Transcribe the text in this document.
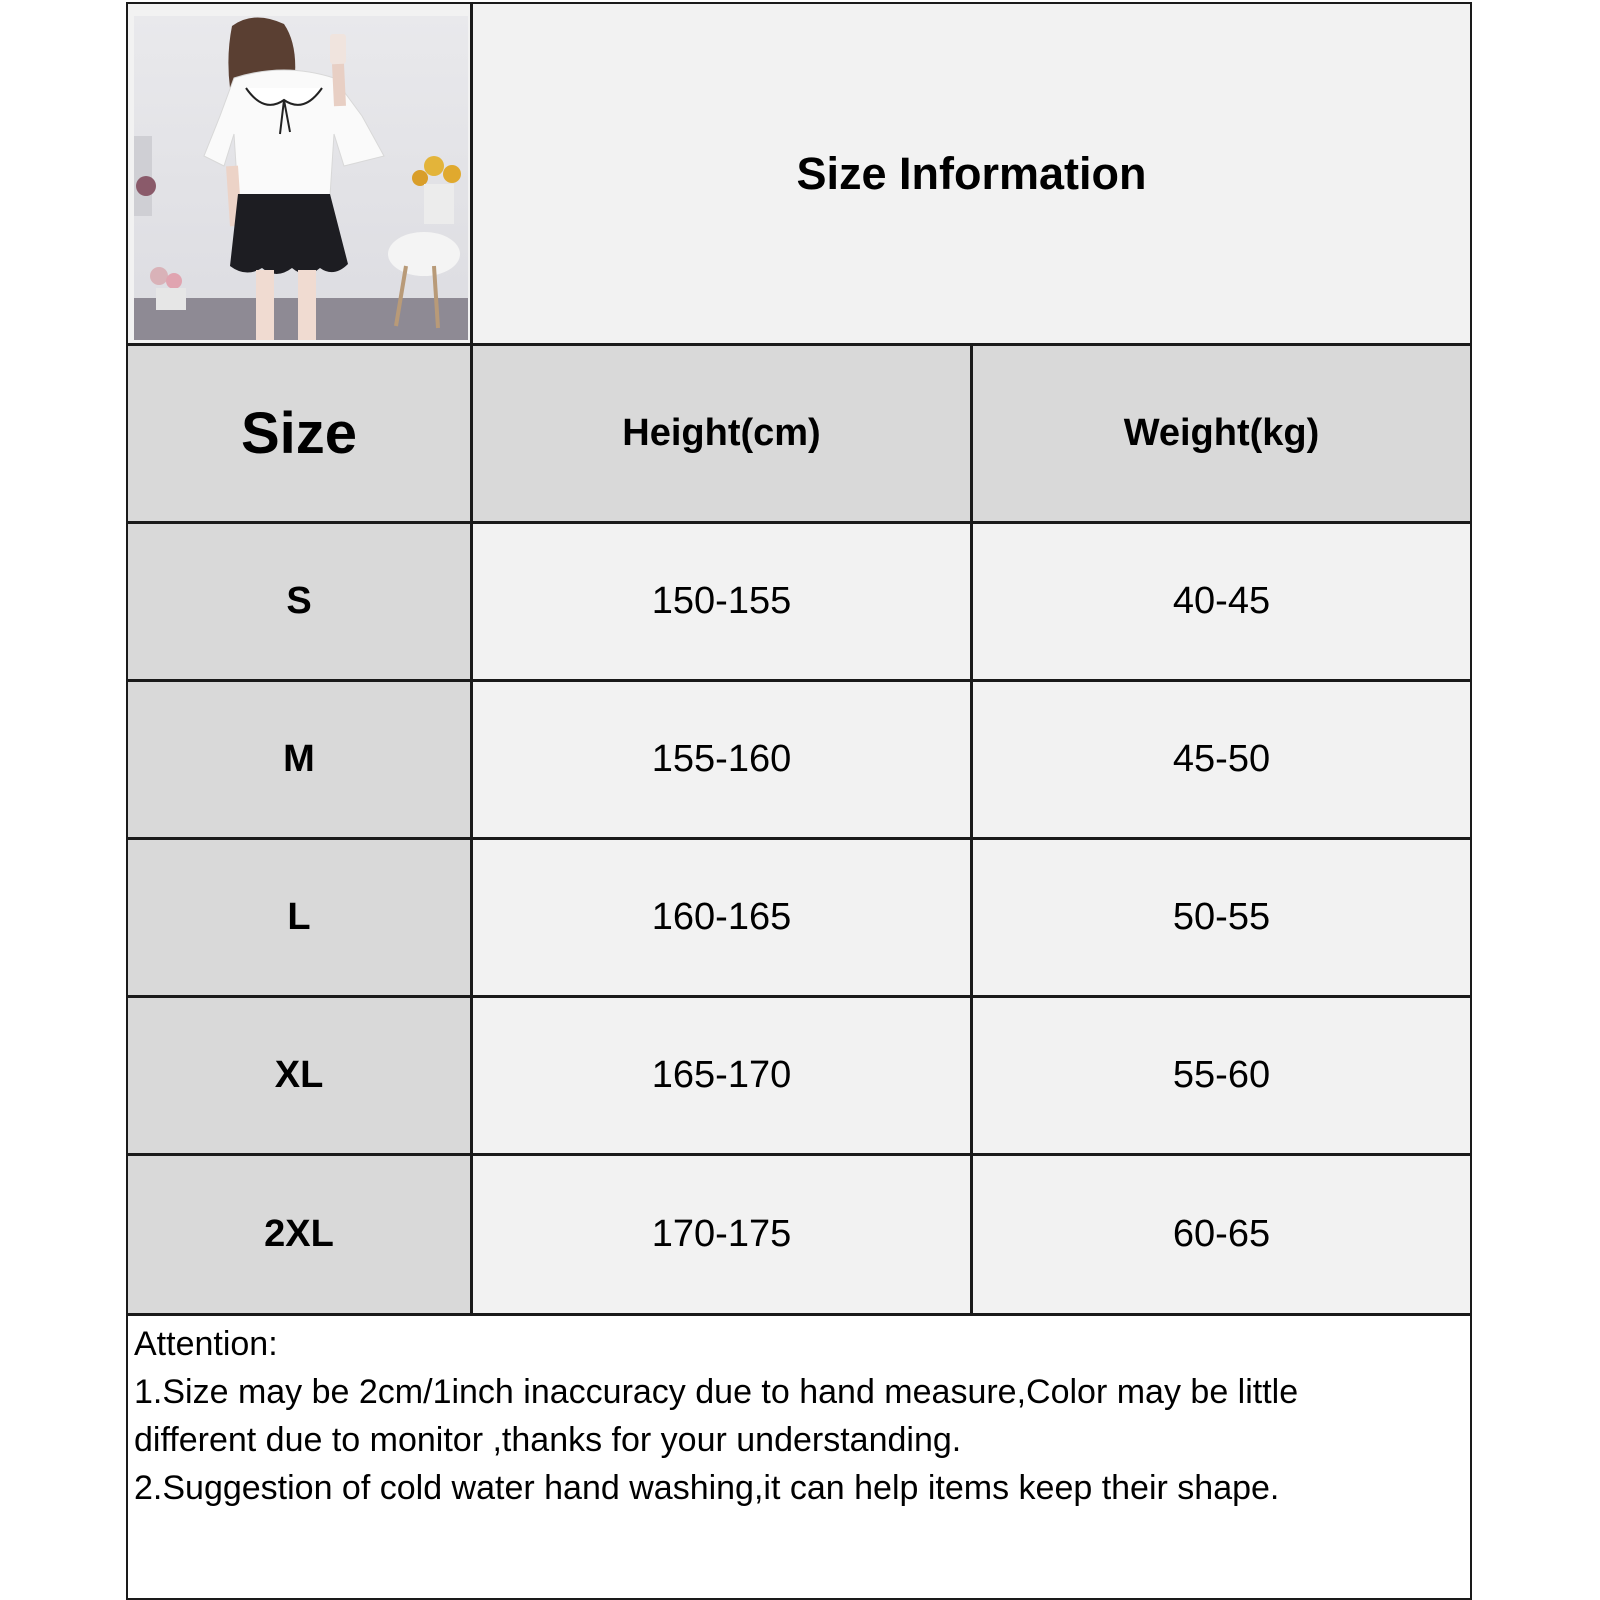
Size Information
Size	Height(cm)	Weight(kg)
S	150-155	40-45
M	155-160	45-50
L	160-165	50-55
XL	165-170	55-60
2XL	170-175	60-65

Attention:

1.Size may be 2cm/1inch inaccuracy due to hand measure,Color may be little

different due to monitor ,thanks for your understanding.

2.Suggestion of cold water hand washing,it can help items keep their shape.
